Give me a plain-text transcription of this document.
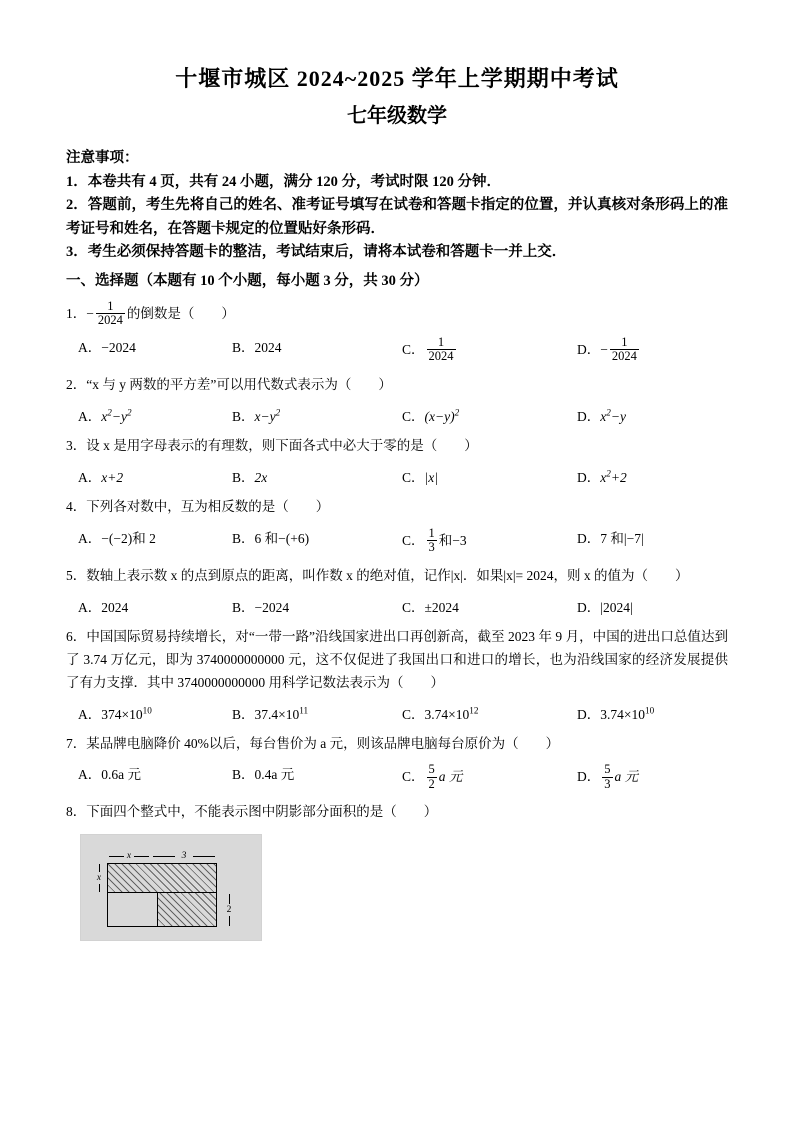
十堰市城区 2024~2025 学年上学期期中考试
七年级数学
注意事项：

1．本卷共有 4 页，共有 24 小题，满分 120 分，考试时限 120 分钟．

2．答题前，考生先将自己的姓名、准考证号填写在试卷和答题卡指定的位置，并认真核对条形码上的准考证号和姓名，在答题卡规定的位置贴好条形码．

3．考生必须保持答题卡的整洁，考试结束后，请将本试卷和答题卡一并上交．

一、选择题（本题有 10 个小题，每小题 3 分，共 30 分）
1．− $\frac{1}{2024}$ 的倒数是（　　）
A．−2024	B．2024	C． $\frac{1}{2024}$	D．− $\frac{1}{2024}$
2．“x 与 y 两数的平方差”可以用代数式表示为（　　）
A．$x^2-y^2$	B．$x-y^2$	C．$(x-y)^2$	D．$x^2-y$
3．设 x 是用字母表示的有理数，则下面各式中必大于零的是（　　）
A．x+2	B．2x	C．|x|	D．$x^2+2$
4．下列各对数中，互为相反数的是（　　）
A．−(−2)和 2	B．6 和−(+6)	C． $\frac{1}{3}$ 和−3	D．7 和|−7|
5．数轴上表示数 x 的点到原点的距离，叫作数 x 的绝对值，记作|x|．如果|x|= 2024，则 x 的值为（　　）
A．2024	B．−2024	C．±2024	D．|2024|
6．中国国际贸易持续增长，对“一带一路”沿线国家进出口再创新高，截至 2023 年 9 月，中国的进出口总值达到了 3.74 万亿元，即为 3740000000000 元，这不仅促进了我国出口和进口的增长，也为沿线国家的经济发展提供了有力支撑．其中 3740000000000 用科学记数法表示为（　　）
A．$374\times 10^{10}$	B．$37.4\times 10^{11}$	C．$3.74\times 10^{12}$	D．$3.74\times 10^{10}$
7．某品牌电脑降价 40%以后，每台售价为 a 元，则该品牌电脑每台原价为（　　）
A．0.6a 元	B．0.4a 元	C． $\frac{5}{2}$ a 元	D． $\frac{5}{3}$ a 元
8．下面四个整式中，不能表示图中阴影部分面积的是（　　）
x	3
x
2
